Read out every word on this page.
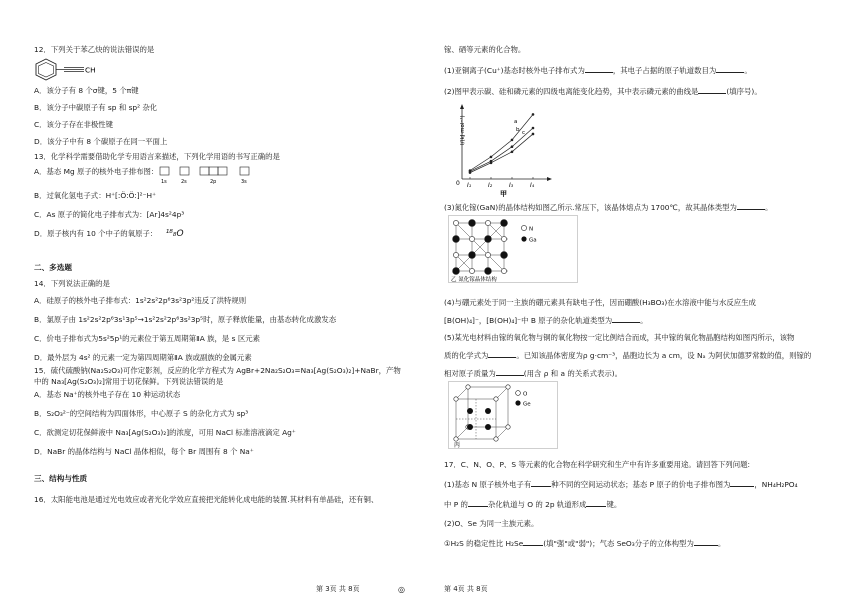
12．下列关于苯乙炔的说法错误的是

CH

A．该分子有 8 个σ键，5 个π键

B．该分子中碳原子有 sp 和 sp² 杂化

C．该分子存在非极性键

D．该分子中有 8 个碳原子在同一平面上

13．化学科学需要借助化学专用语言来描述，下列化学用语的书写正确的是

A．基态 Mg 原子的核外电子排布图：
1s	2s	2p	3s

B．过氧化氢电子式：H⁺[:Ö:Ö:]²⁻H⁺

C．As 原子的简化电子排布式为：[Ar]4s²4p³

D．原子核内有 10 个中子的氧原子： ¹⁸₈O

二、多选题

14．下列说法正确的是

A．硅原子的核外电子排布式：1s²2s²2p⁶3s²3p²违反了洪特规则

B．氯原子由 1s²2s²2p⁶3s¹3p⁵→1s²2s²2p⁶3s²3p⁵时，原子释放能量，由基态转化成激发态

C．价电子排布式为5s²5p¹的元素位于第五周期第ⅡA 族，是 s 区元素

D．最外层为 4s² 的元素一定为第四周期第ⅡA 族或副族的金属元素

15．硫代硫酸钠(Na₂S₂O₃)可作定影剂，反应的化学方程式为 AgBr+2Na₂S₂O₃=Na₃[Ag(S₂O₃)₂]+NaBr，产物

中的 Na₃[Ag(S₂O₃)₂]常用于切花保鲜。下列说法错误的是

A．基态 Na⁺的核外电子存在 10 种运动状态

B．S₂O₃²⁻的空间结构为四面体形，中心原子 S 的杂化方式为 sp³

C．欲测定切花保鲜液中 Na₃[Ag(S₂O₃)₂]的浓度，可用 NaCl 标准溶液滴定 Ag⁺

D．NaBr 的晶体结构与 NaCl 晶体相似，每个 Br 周围有 8 个 Na⁺

三、结构与性质

16．太阳能电池是通过光电效应或者光化学效应直接把光能转化成电能的装置.其材料有单晶硅，还有铜、

第 3页 共 8页	◎

镓、硒等元素的化合物。

(1)亚铜离子(Cu⁺)基态时核外电子排布式为	，其电子占据的原子轨道数目为	。

(2)图甲表示碳、硅和磷元素的四级电离能变化趋势，其中表示磷元素的曲线是	(填序号)。

I/(kJ·mol⁻¹)
0 I₁	I₂	I₃	I₄
a
b c
甲

(3)氮化镓(GaN)的晶体结构如图乙所示.常压下，该晶体熔点为 1700℃，故其晶体类型为	。

N
Ga
乙 氮化镓晶体结构

(4)与硼元素处于同一主族的硼元素具有缺电子性，因而硼酸(H₃BO₃)在水溶液中能与水反应生成

[B(OH)₄]⁻，[B(OH)₄]⁻中 B 原子的杂化轨道类型为	。

(5)某光电材料由镓的氧化物与铜的氧化物按一定比例结合而成，其中镓的氧化物晶胞结构如图丙所示，该物

质的化学式为	。已知该晶体密度为ρ g·cm⁻³，晶胞边长为 a cm，设 Nₐ 为阿伏加德罗常数的值，则镓的

相对原子质量为	(用含 ρ 和 a 的关系式表示)。

O
Ge
丙

17．C、N、O、P、S 等元素的化合物在科学研究和生产中有许多重要用途。请回答下列问题:

(1)基态 N 原子核外电子有	种不同的空间运动状态；基态 P 原子的价电子排布图为	，NH₄H₂PO₄

中 P 的	杂化轨道与 O 的 2p 轨道形成	键。

(2)O、Se 为同一主族元素。

①H₂S 的稳定性比 H₂Se	(填"强"或"弱")；气态 SeO₃分子的立体构型为	。

第 4页 共 8页
